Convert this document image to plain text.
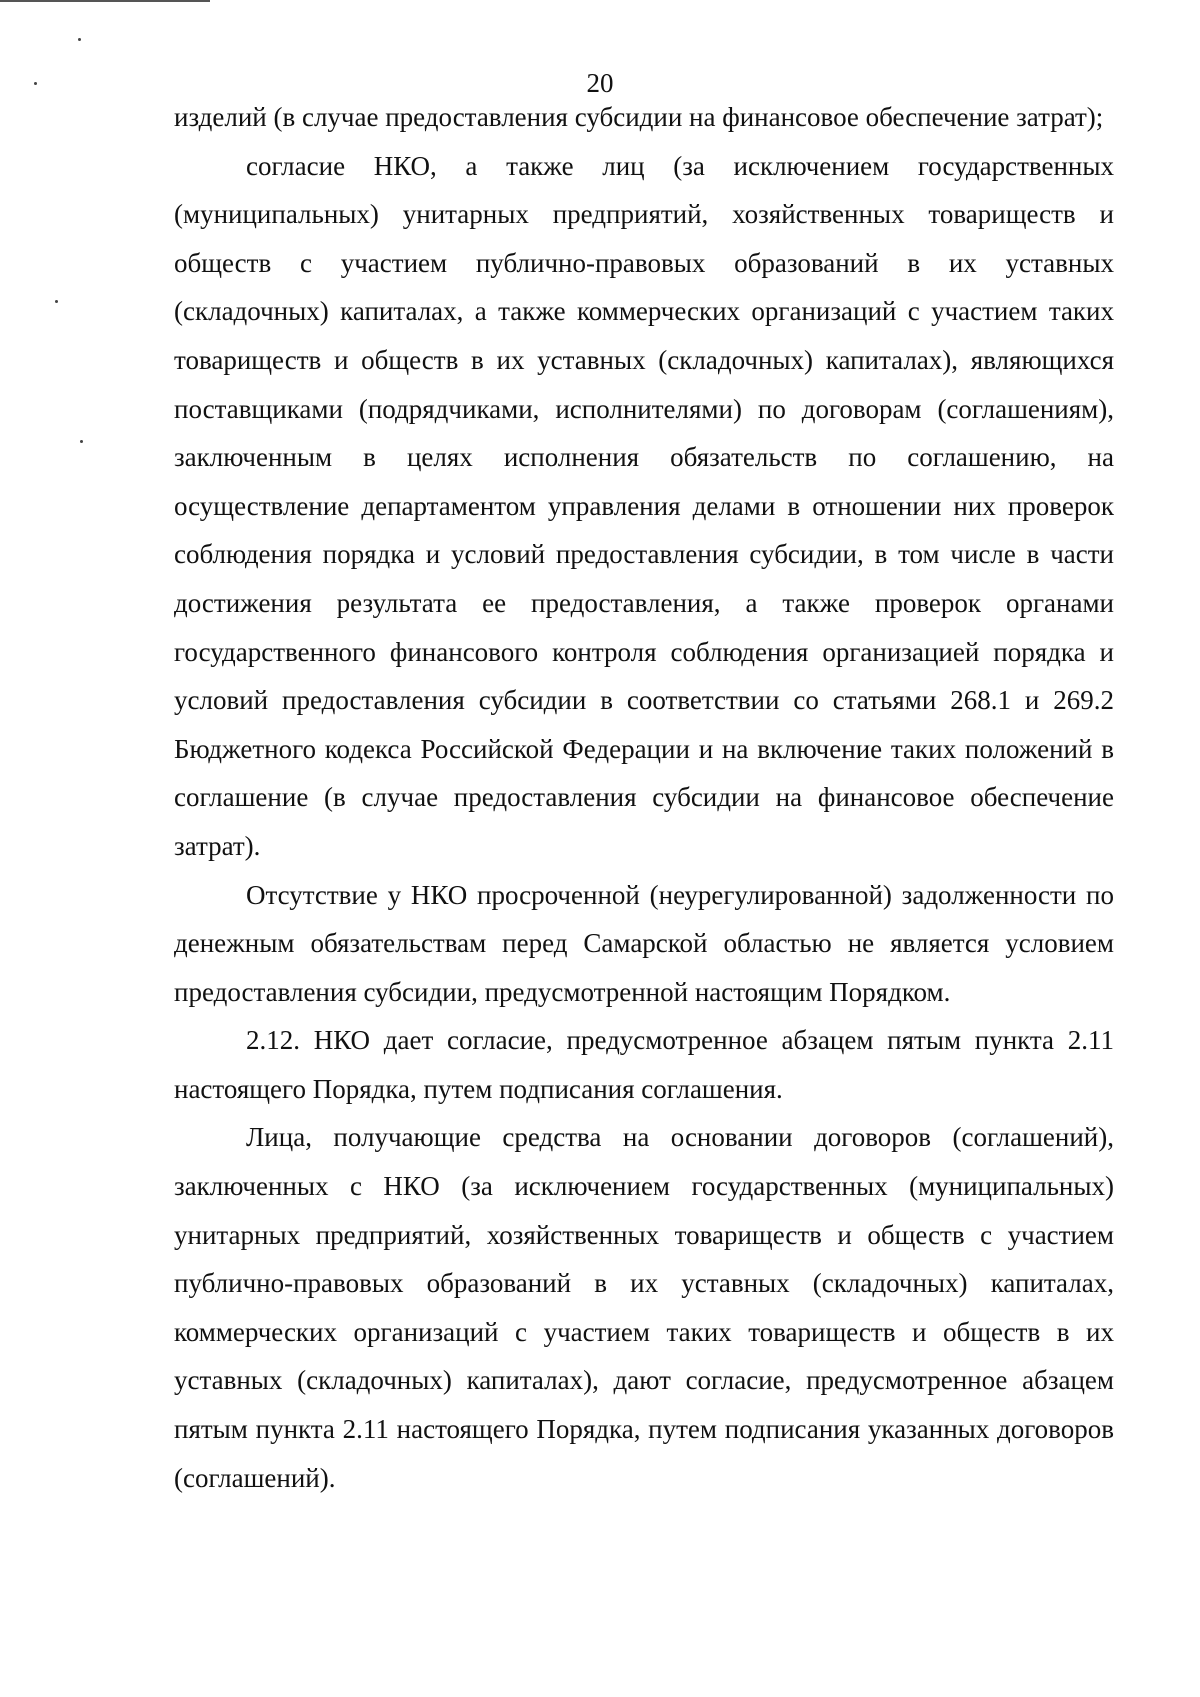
20

изделий (в случае предоставления субсидии на финансовое обеспечение затрат);

согласие НКО, а также лиц (за исключением государственных (муниципальных) унитарных предприятий, хозяйственных товариществ и обществ с участием публично-правовых образований в их уставных (складочных) капиталах, а также коммерческих организаций с участием таких товариществ и обществ в их уставных (складочных) капиталах), являющихся поставщиками (подрядчиками, исполнителями) по договорам (соглашениям), заключенным в целях исполнения обязательств по соглашению, на осуществление департаментом управления делами в отношении них проверок соблюдения порядка и условий предоставления субсидии, в том числе в части достижения результата ее предоставления, а также проверок органами государственного финансового контроля соблюдения организацией порядка и условий предоставления субсидии в соответствии со статьями 268.1 и 269.2 Бюджетного кодекса Российской Федерации и на включение таких положений в соглашение (в случае предоставления субсидии на финансовое обеспечение затрат).

Отсутствие у НКО просроченной (неурегулированной) задолженности по денежным обязательствам перед Самарской областью не является условием предоставления субсидии, предусмотренной настоящим Порядком.

2.12. НКО дает согласие, предусмотренное абзацем пятым пункта 2.11 настоящего Порядка, путем подписания соглашения.

Лица, получающие средства на основании договоров (соглашений), заключенных с НКО (за исключением государственных (муниципальных) унитарных предприятий, хозяйственных товариществ и обществ с участием публично-правовых образований в их уставных (складочных) капиталах, коммерческих организаций с участием таких товариществ и обществ в их уставных (складочных) капиталах), дают согласие, предусмотренное абзацем пятым пункта 2.11 настоящего Порядка, путем подписания указанных договоров (соглашений).
